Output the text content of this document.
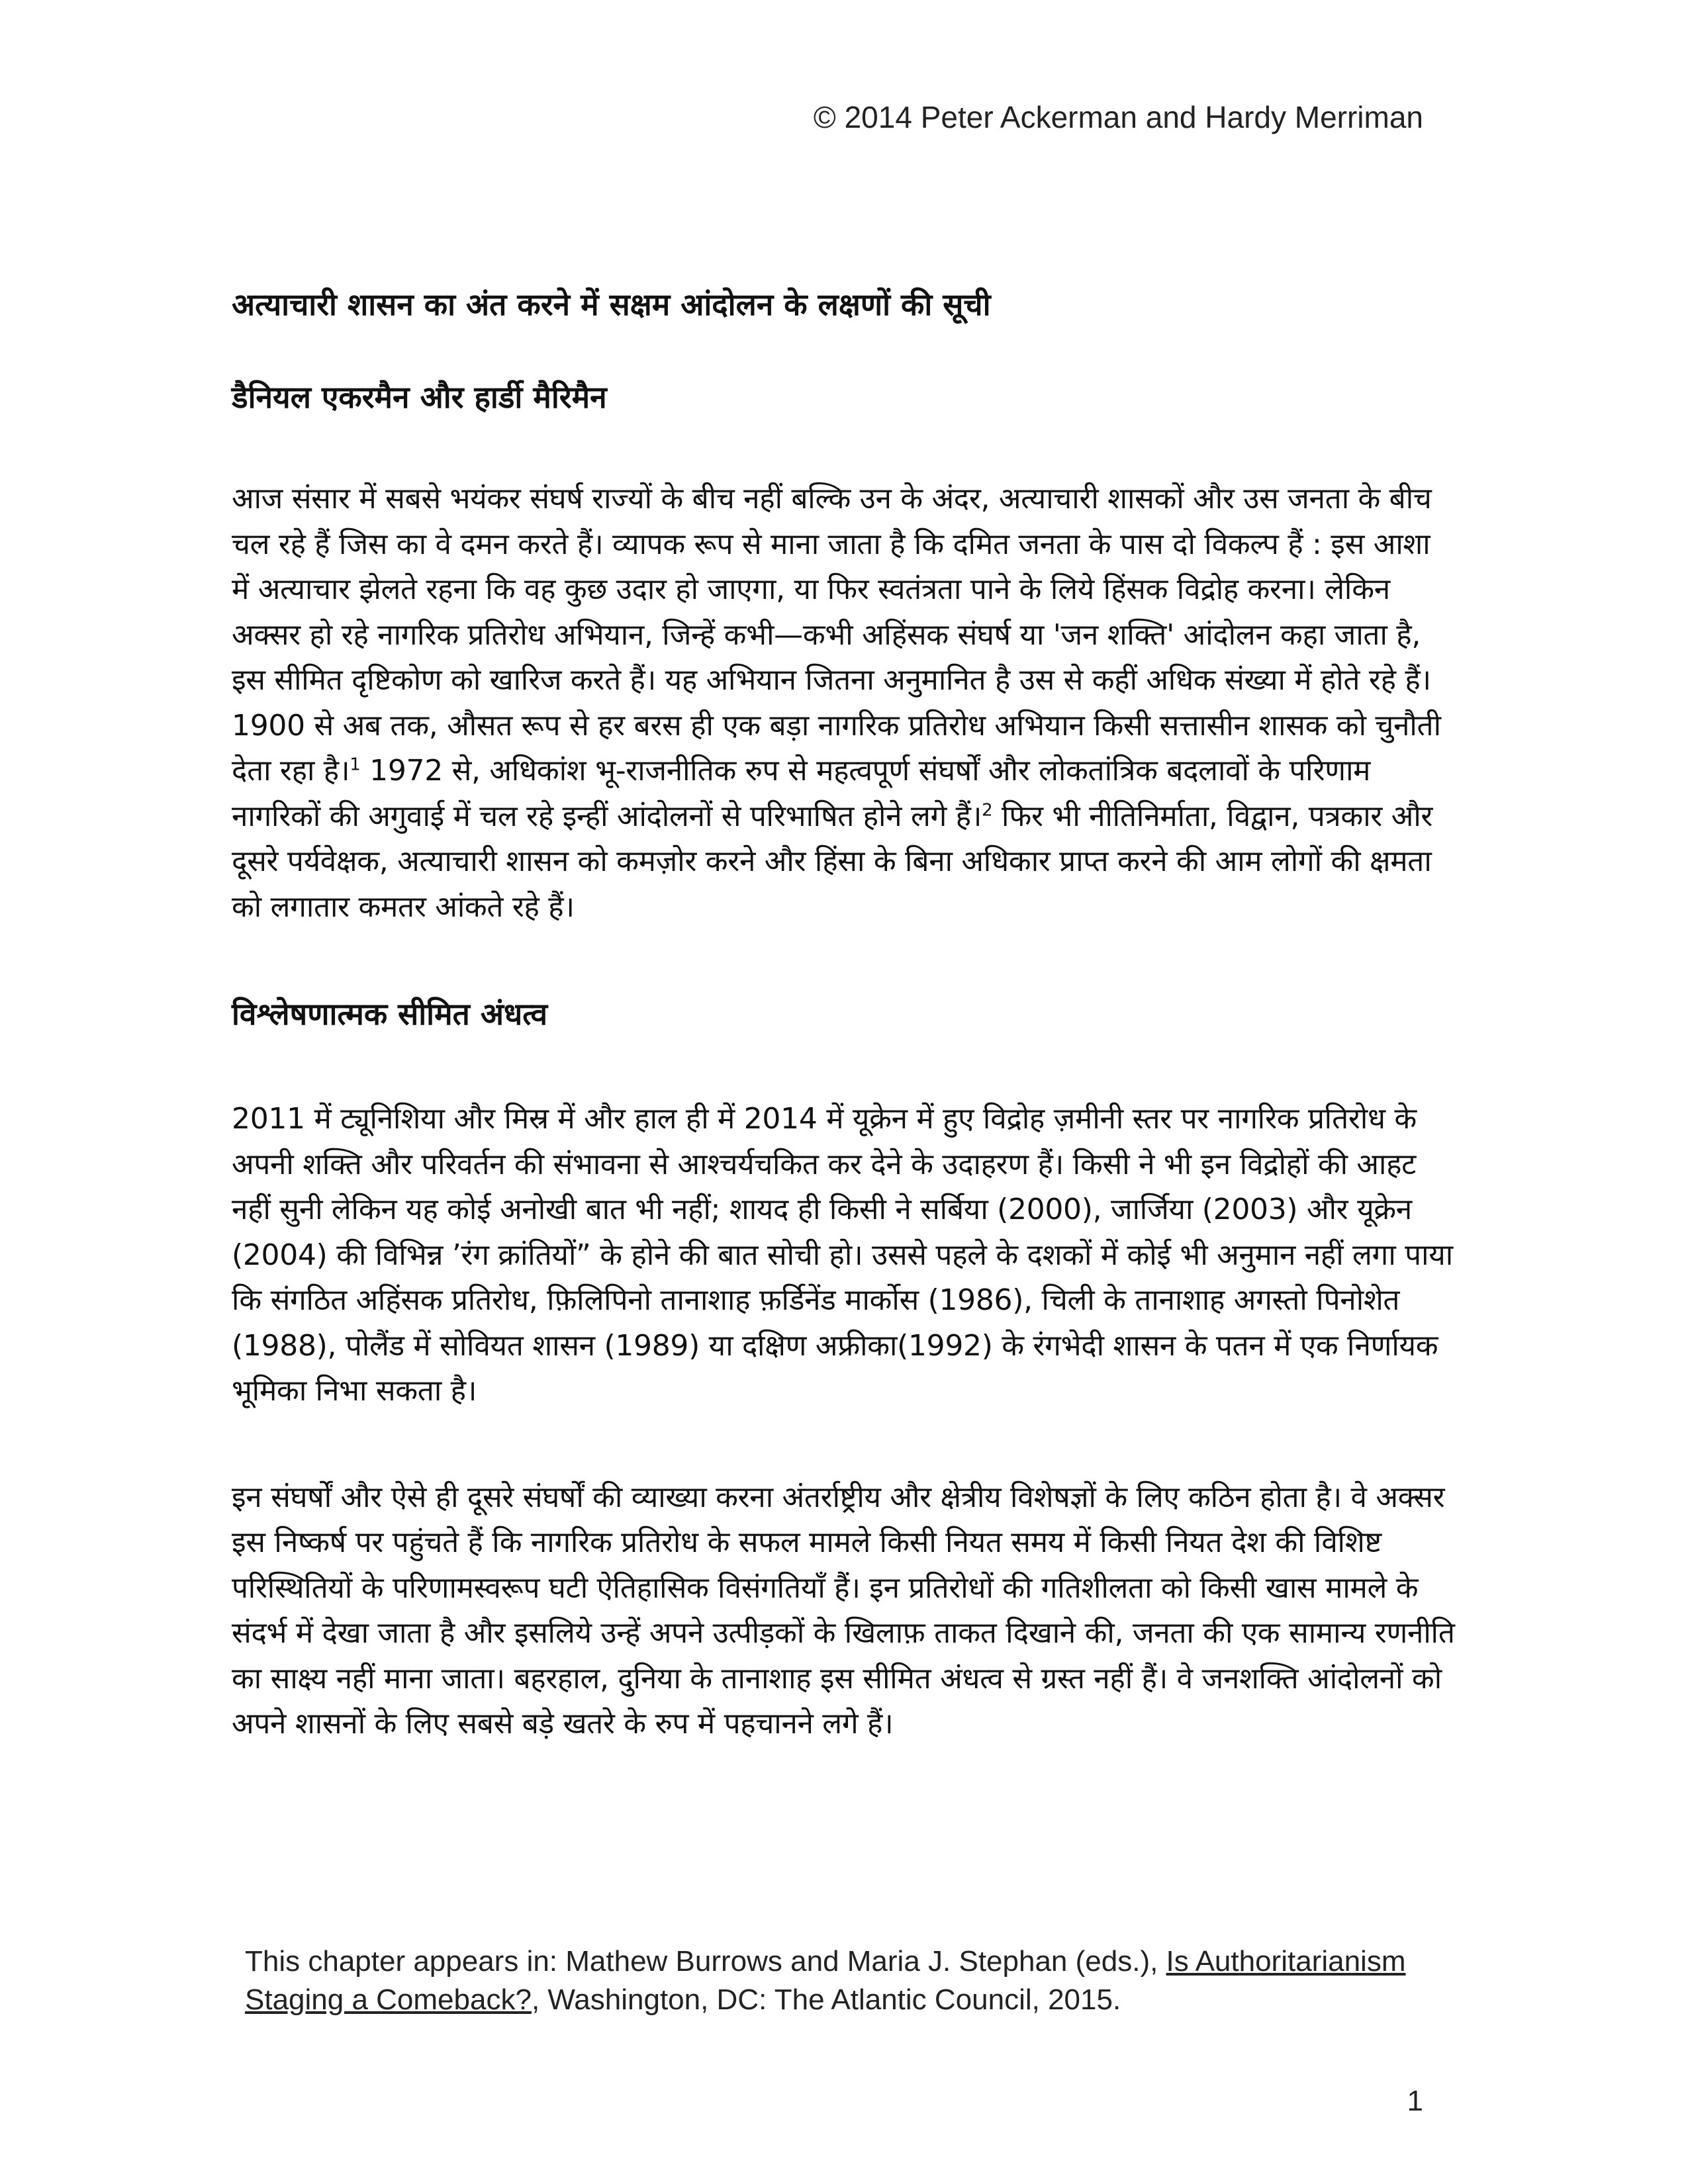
© 2014 Peter Ackerman and Hardy Merriman
अत्याचारी शासन का अंत करने में सक्षम आंदोलन के लक्षणों की सूची
डैनियल एकरमैन और हार्डी मैरिमैन

आज संसार में सबसे भयंकर संघर्ष राज्यों के बीच नहीं बल्कि उन के अंदर, अत्याचारी शासकों और उस जनता के बीच चल रहे हैं जिस का वे दमन करते हैं। व्यापक रूप से माना जाता है कि दमित जनता के पास दो विकल्प हैं : इस आशा में अत्याचार झेलते रहना कि वह कुछ उदार हो जाएगा, या फिर स्वतंत्रता पाने के लिये हिंसक विद्रोह करना। लेकिन अक्सर हो रहे नागरिक प्रतिरोध अभियान, जिन्हें कभी—कभी अहिंसक संघर्ष या 'जन शक्ति' आंदोलन कहा जाता है, इस सीमित दृष्टिकोण को खारिज करते हैं। यह अभियान जितना अनुमानित है उस से कहीं अधिक संख्या में होते रहे हैं। 1900 से अब तक, औसत रूप से हर बरस ही एक बड़ा नागरिक प्रतिरोध अभियान किसी सत्तासीन शासक को चुनौती देता रहा है।$^1$ 1972 से, अधिकांश भू-राजनीतिक रुप से महत्वपूर्ण संघर्षों और लोकतांत्रिक बदलावों के परिणाम नागरिकों की अगुवाई में चल रहे इन्हीं आंदोलनों से परिभाषित होने लगे हैं।$^2$ फिर भी नीतिनिर्माता, विद्वान, पत्रकार और दूसरे पर्यवेक्षक, अत्याचारी शासन को कमज़ोर करने और हिंसा के बिना अधिकार प्राप्त करने की आम लोगों की क्षमता को लगातार कमतर आंकते रहे हैं।

विश्लेषणात्मक सीमित अंधत्व

2011 में ट्यूनिशिया और मिस्र में और हाल ही में 2014 में यूक्रेन में हुए विद्रोह ज़मीनी स्तर पर नागरिक प्रतिरोध के अपनी शक्ति और परिवर्तन की संभावना से आश्चर्यचकित कर देने के उदाहरण हैं। किसी ने भी इन विद्रोहों की आहट नहीं सुनी लेकिन यह कोई अनोखी बात भी नहीं; शायद ही किसी ने सर्बिया (2000), जार्जिया (2003) और यूक्रेन (2004) की विभिन्न ’रंग क्रांतियों” के होने की बात सोची हो। उससे पहले के दशकों में कोई भी अनुमान नहीं लगा पाया कि संगठित अहिंसक प्रतिरोध, फ़िलिपिनो तानाशाह फ़र्डिनेंड मार्कोस (1986), चिली के तानाशाह अगस्तो पिनोशेत (1988), पोलैंड में सोवियत शासन (1989) या दक्षिण अफ्रीका(1992) के रंगभेदी शासन के पतन में एक निर्णायक भूमिका निभा सकता है।

इन संघर्षों और ऐसे ही दूसरे संघर्षों की व्याख्या करना अंतर्राष्ट्रीय और क्षेत्रीय विशेषज्ञों के लिए कठिन होता है। वे अक्सर इस निष्कर्ष पर पहुंचते हैं कि नागरिक प्रतिरोध के सफल मामले किसी नियत समय में किसी नियत देश की विशिष्ट परिस्थितियों के परिणामस्वरूप घटी ऐतिहासिक विसंगतियाँ हैं। इन प्रतिरोधों की गतिशीलता को किसी खास मामले के संदर्भ में देखा जाता है और इसलिये उन्हें अपने उत्पीड़कों के खिलाफ़ ताकत दिखाने की, जनता की एक सामान्य रणनीति का साक्ष्य नहीं माना जाता। बहरहाल, दुनिया के तानाशाह इस सीमित अंधत्व से ग्रस्त नहीं हैं। वे जनशक्ति आंदोलनों को अपने शासनों के लिए सबसे बड़े खतरे के रुप में पहचानने लगे हैं।

This chapter appears in: Mathew Burrows and Maria J. Stephan (eds.), Is Authoritarianism Staging a Comeback?, Washington, DC: The Atlantic Council, 2015.
1
